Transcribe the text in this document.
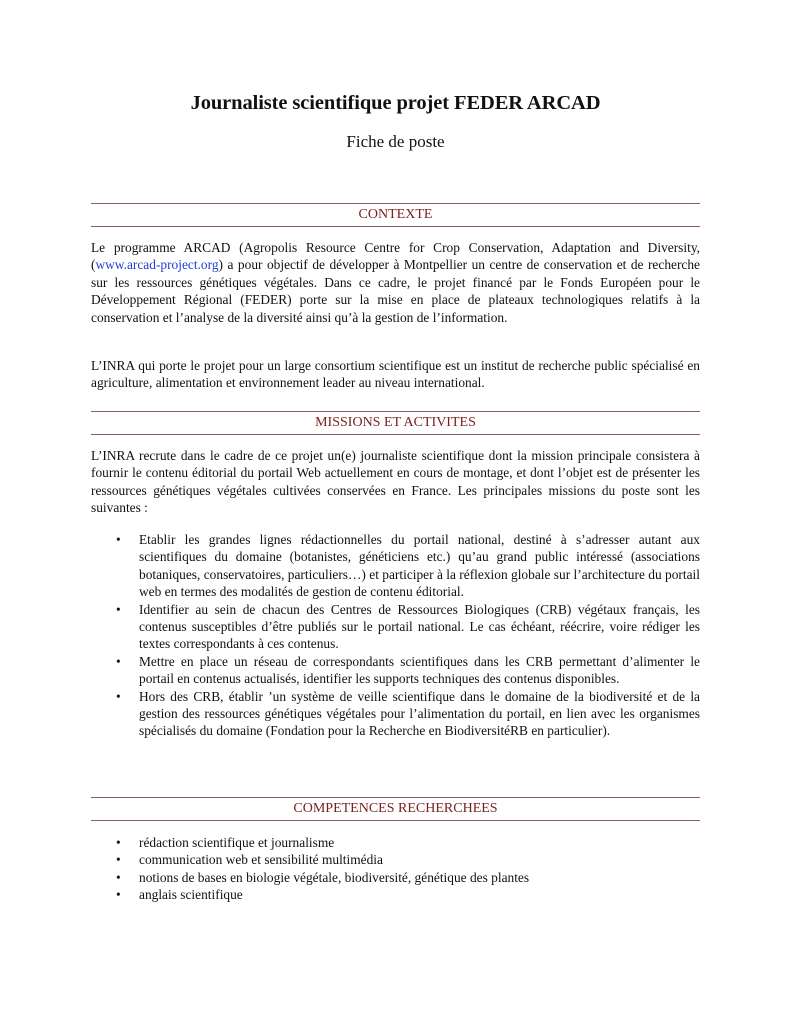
Journaliste scientifique projet FEDER ARCAD
Fiche de poste
CONTEXTE

Le programme ARCAD (Agropolis Resource Centre for Crop Conservation, Adaptation and Diversity, (www.arcad-project.org) a pour objectif de développer à Montpellier un centre de conservation et de recherche sur les ressources génétiques végétales. Dans ce cadre, le projet financé par le Fonds Européen pour le Développement Régional (FEDER) porte sur la mise en place de plateaux technologiques relatifs à la conservation et l’analyse de la diversité ainsi qu’à la gestion de l’information.

L’INRA qui porte le projet pour un large consortium scientifique est un institut de recherche public spécialisé en agriculture, alimentation et environnement leader au niveau international.

MISSIONS ET ACTIVITES

L’INRA recrute dans le cadre de ce projet un(e) journaliste scientifique dont la mission principale consistera à fournir le contenu éditorial du portail Web actuellement en cours de montage, et dont l’objet est de présenter les ressources génétiques végétales cultivées conservées en France. Les principales missions du poste sont les suivantes :

• Etablir les grandes lignes rédactionnelles du portail national, destiné à s’adresser autant aux scientifiques du domaine (botanistes, généticiens etc.) qu’au grand public intéressé (associations botaniques, conservatoires, particuliers…) et participer à la réflexion globale sur l’architecture du portail web en termes des modalités de gestion de contenu éditorial.
• Identifier au sein de chacun des Centres de Ressources Biologiques (CRB) végétaux français, les contenus susceptibles d’être publiés sur le portail national. Le cas échéant, réécrire, voire rédiger les textes correspondants à ces contenus.
• Mettre en place un réseau de correspondants scientifiques dans les CRB permettant d’alimenter le portail en contenus actualisés, identifier les supports techniques des contenus disponibles.
• Hors des CRB, établir ’un système de veille scientifique dans le domaine de la biodiversité et de la gestion des ressources génétiques végétales pour l’alimentation du portail, en lien avec les organismes spécialisés du domaine (Fondation pour la Recherche en BiodiversitéRB en particulier).
COMPETENCES RECHERCHEES
• rédaction scientifique et journalisme
• communication web et sensibilité multimédia
• notions de bases en biologie végétale, biodiversité, génétique des plantes
• anglais scientifique
